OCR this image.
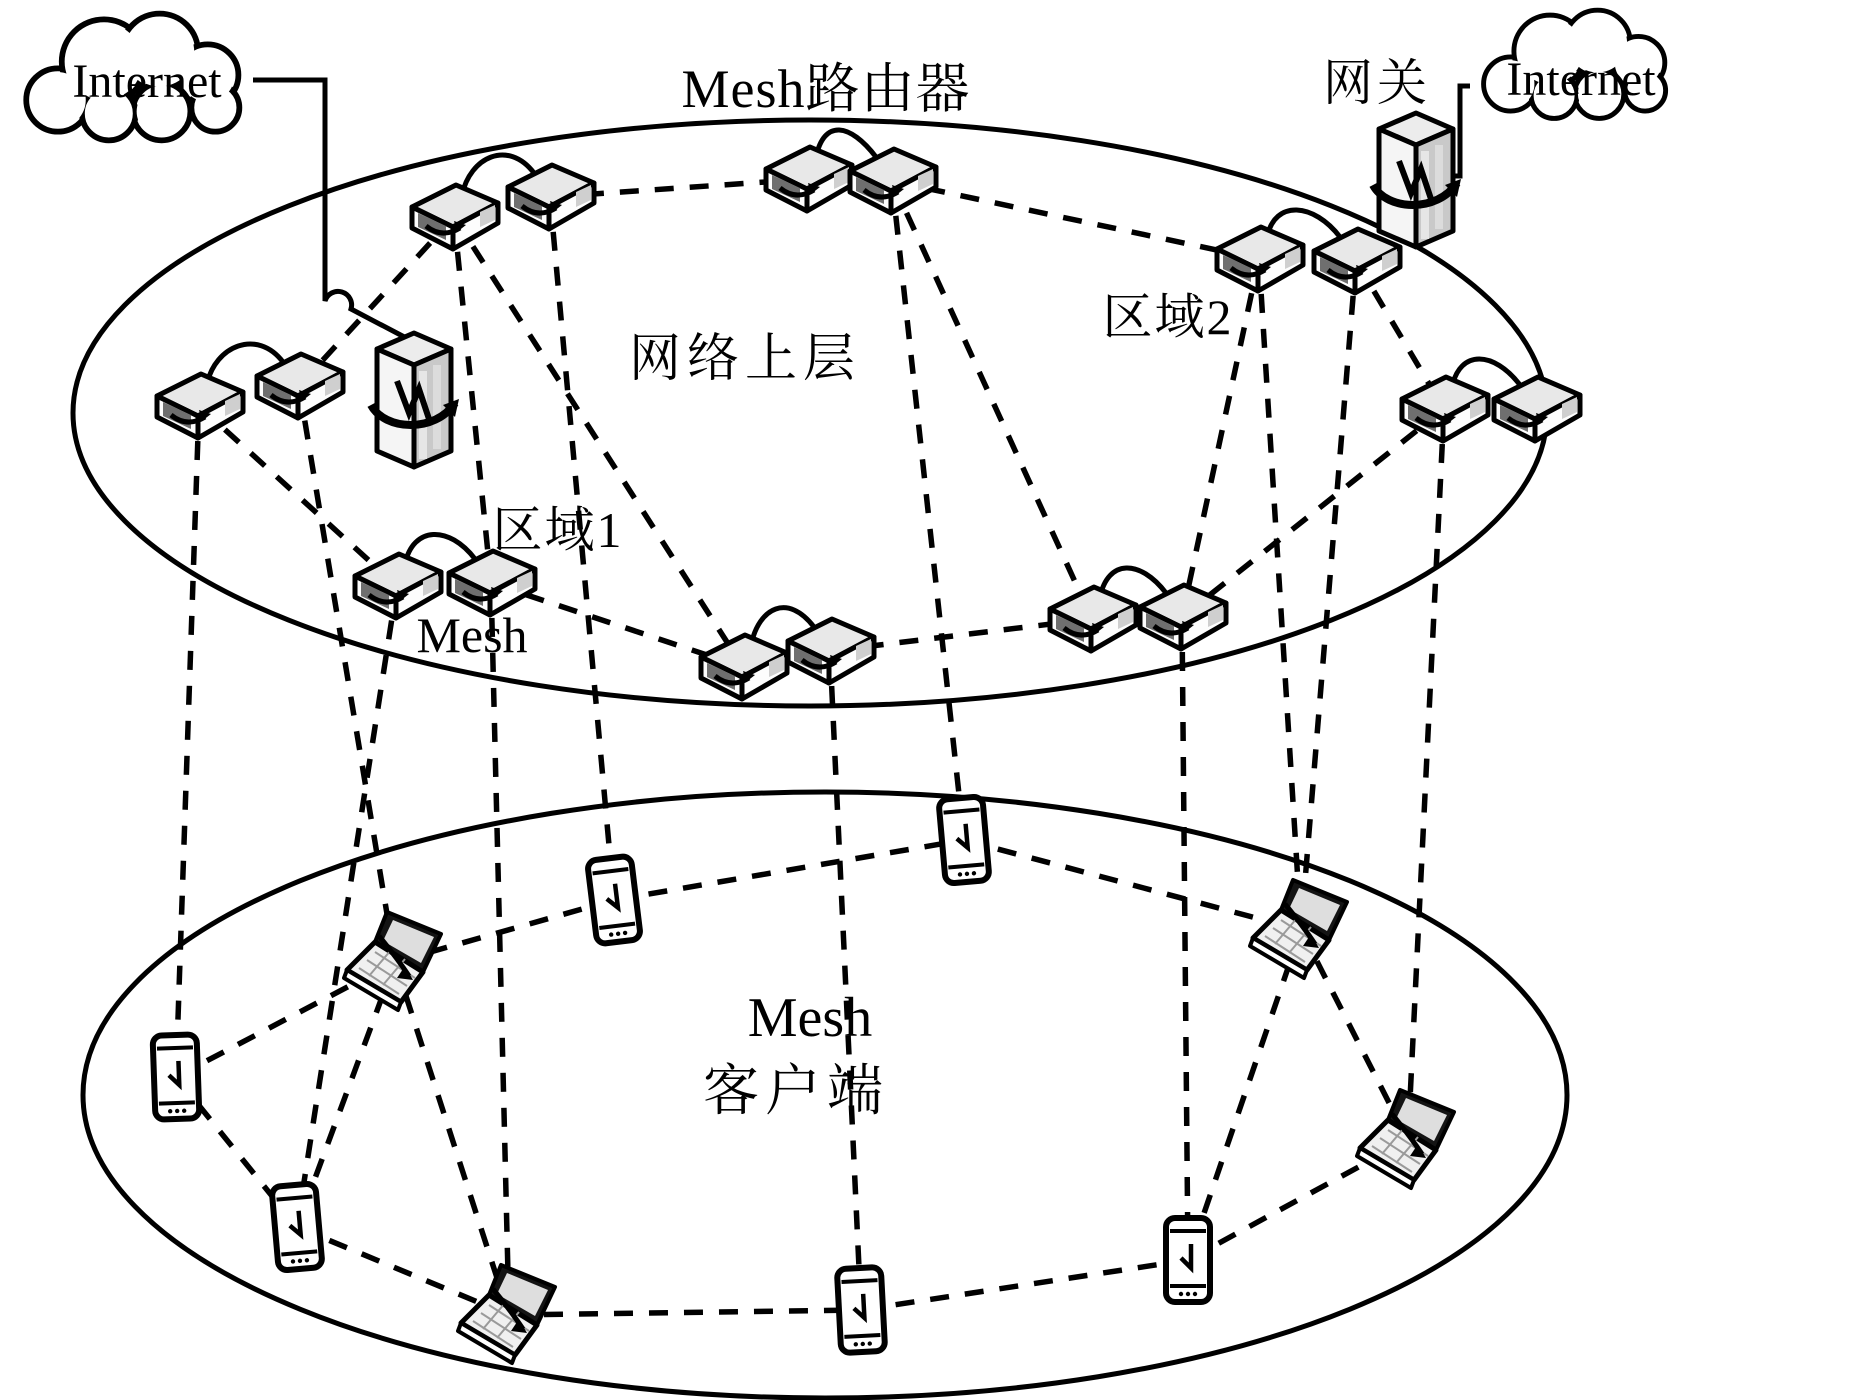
Internet	Internet
Mesh路由器	网关
网络上层
区域2
区域1
Mesh
Mesh
客户端
